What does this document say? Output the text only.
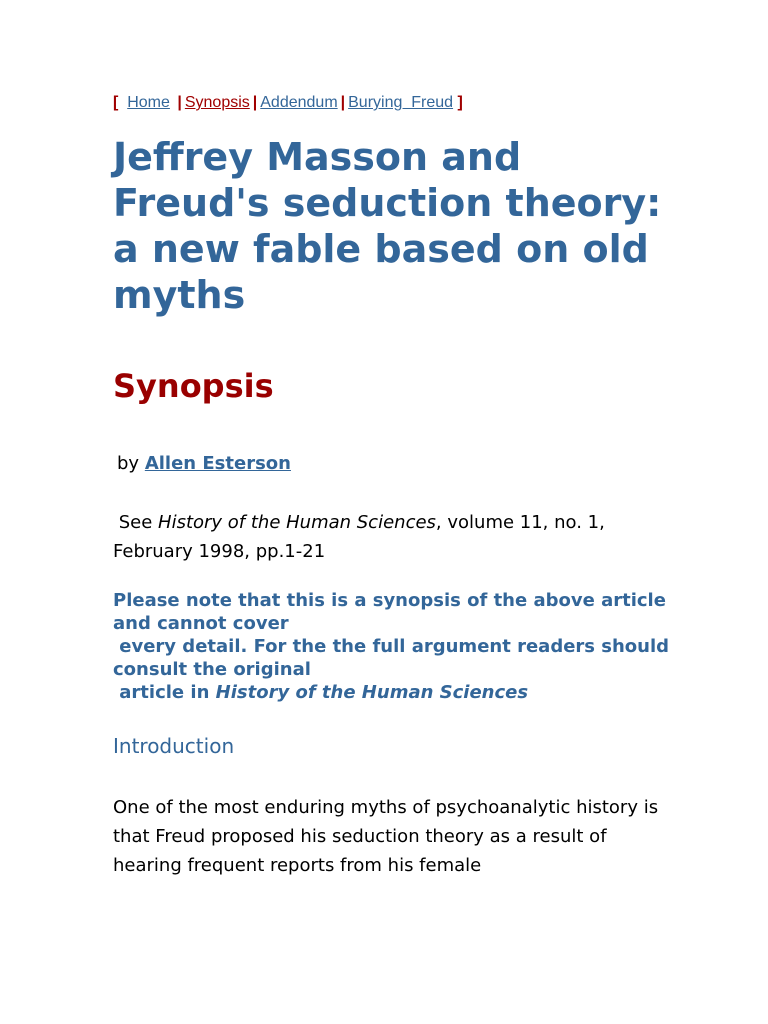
[ Home | Synopsis | Addendum | Burying  Freud ]
Jeffrey Masson and Freud's seduction theory: a new fable based on old myths
Synopsis
by Allen Esterson
See History of the Human Sciences, volume 11, no. 1, February 1998, pp.1-21
Please note that this is a synopsis of the above article and cannot cover
every detail. For the the full argument readers should consult the original
article in History of the Human Sciences
Introduction

One of the most enduring myths of psychoanalytic history is that Freud proposed his seduction theory as a result of hearing frequent reports from his female
